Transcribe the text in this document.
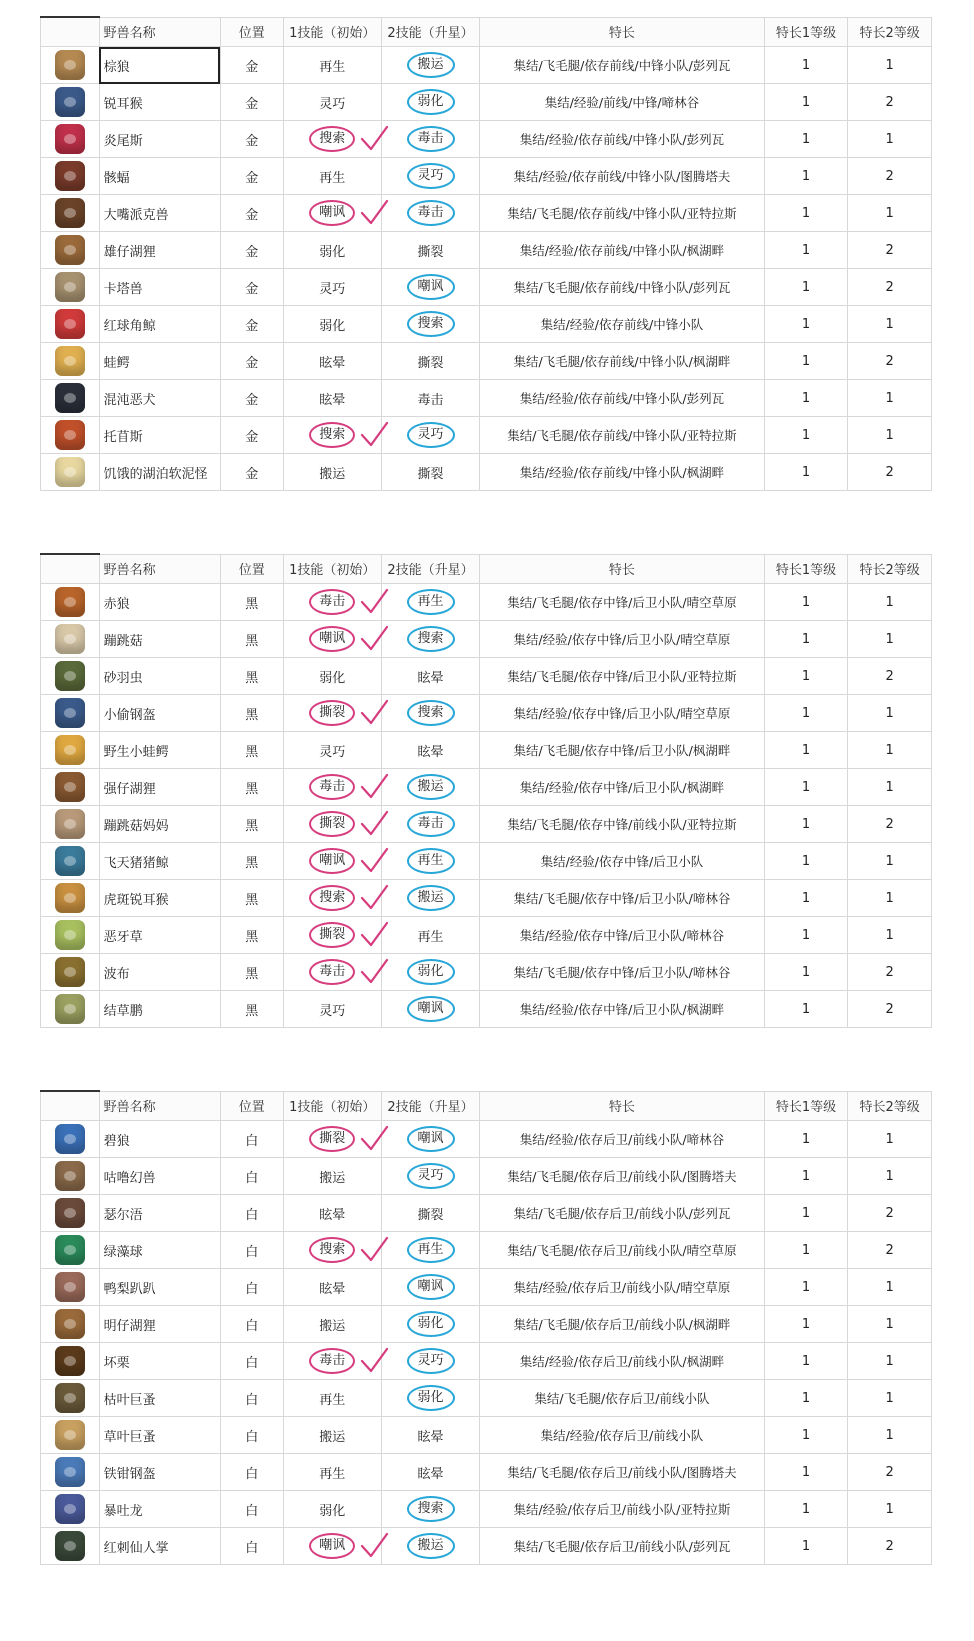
	野兽名称	位置	1技能（初始）	2技能（升星）	特长	特长1等级	特长2等级
	棕狼	金	再生	搬运	集结/飞毛腿/依存前线/中锋小队/彭列瓦	1	1
	锐耳猴	金	灵巧	弱化	集结/经验/前线/中锋/啼林谷	1	2
	炎尾斯	金	搜索	毒击	集结/经验/依存前线/中锋小队/彭列瓦	1	1
	骸蝠	金	再生	灵巧	集结/经验/依存前线/中锋小队/图腾塔夫	1	2
	大嘴派克兽	金	嘲讽	毒击	集结/飞毛腿/依存前线/中锋小队/亚特拉斯	1	1
	雄仔湖狸	金	弱化	撕裂	集结/经验/依存前线/中锋小队/枫湖畔	1	2
	卡塔兽	金	灵巧	嘲讽	集结/飞毛腿/依存前线/中锋小队/彭列瓦	1	2
	红球角鲸	金	弱化	搜索	集结/经验/依存前线/中锋小队	1	1
	蛙鳄	金	眩晕	撕裂	集结/飞毛腿/依存前线/中锋小队/枫湖畔	1	2
	混沌恶犬	金	眩晕	毒击	集结/经验/依存前线/中锋小队/彭列瓦	1	1
	托苜斯	金	搜索	灵巧	集结/飞毛腿/依存前线/中锋小队/亚特拉斯	1	1
	饥饿的湖泊软泥怪	金	搬运	撕裂	集结/经验/依存前线/中锋小队/枫湖畔	1	2
	野兽名称	位置	1技能（初始）	2技能（升星）	特长	特长1等级	特长2等级
	赤狼	黑	毒击	再生	集结/飞毛腿/依存中锋/后卫小队/晴空草原	1	1
	蹦跳菇	黑	嘲讽	搜索	集结/经验/依存中锋/后卫小队/晴空草原	1	1
	砂羽虫	黑	弱化	眩晕	集结/飞毛腿/依存中锋/后卫小队/亚特拉斯	1	2
	小偷钢盔	黑	撕裂	搜索	集结/经验/依存中锋/后卫小队/晴空草原	1	1
	野生小蛙鳄	黑	灵巧	眩晕	集结/飞毛腿/依存中锋/后卫小队/枫湖畔	1	1
	强仔湖狸	黑	毒击	搬运	集结/经验/依存中锋/后卫小队/枫湖畔	1	1
	蹦跳菇妈妈	黑	撕裂	毒击	集结/飞毛腿/依存中锋/前线小队/亚特拉斯	1	2
	飞天猪猪鲸	黑	嘲讽	再生	集结/经验/依存中锋/后卫小队	1	1
	虎斑锐耳猴	黑	搜索	搬运	集结/飞毛腿/依存中锋/后卫小队/啼林谷	1	1
	恶牙草	黑	撕裂	再生	集结/经验/依存中锋/后卫小队/啼林谷	1	1
	波布	黑	毒击	弱化	集结/飞毛腿/依存中锋/后卫小队/啼林谷	1	2
	结草鹏	黑	灵巧	嘲讽	集结/经验/依存中锋/后卫小队/枫湖畔	1	2
	野兽名称	位置	1技能（初始）	2技能（升星）	特长	特长1等级	特长2等级
	碧狼	白	撕裂	嘲讽	集结/经验/依存后卫/前线小队/啼林谷	1	1
	咕噜幻兽	白	搬运	灵巧	集结/飞毛腿/依存后卫/前线小队/图腾塔夫	1	1
	瑟尔浯	白	眩晕	撕裂	集结/飞毛腿/依存后卫/前线小队/彭列瓦	1	2
	绿藻球	白	搜索	再生	集结/飞毛腿/依存后卫/前线小队/晴空草原	1	2
	鸭梨趴趴	白	眩晕	嘲讽	集结/经验/依存后卫/前线小队/晴空草原	1	1
	明仔湖狸	白	搬运	弱化	集结/飞毛腿/依存后卫/前线小队/枫湖畔	1	1
	坏栗	白	毒击	灵巧	集结/经验/依存后卫/前线小队/枫湖畔	1	1
	枯叶巨蚤	白	再生	弱化	集结/飞毛腿/依存后卫/前线小队	1	1
	草叶巨蚤	白	搬运	眩晕	集结/经验/依存后卫/前线小队	1	1
	铁钳钢盔	白	再生	眩晕	集结/飞毛腿/依存后卫/前线小队/图腾塔夫	1	2
	暴吐龙	白	弱化	搜索	集结/经验/依存后卫/前线小队/亚特拉斯	1	1
	红刺仙人掌	白	嘲讽	搬运	集结/飞毛腿/依存后卫/前线小队/彭列瓦	1	2
